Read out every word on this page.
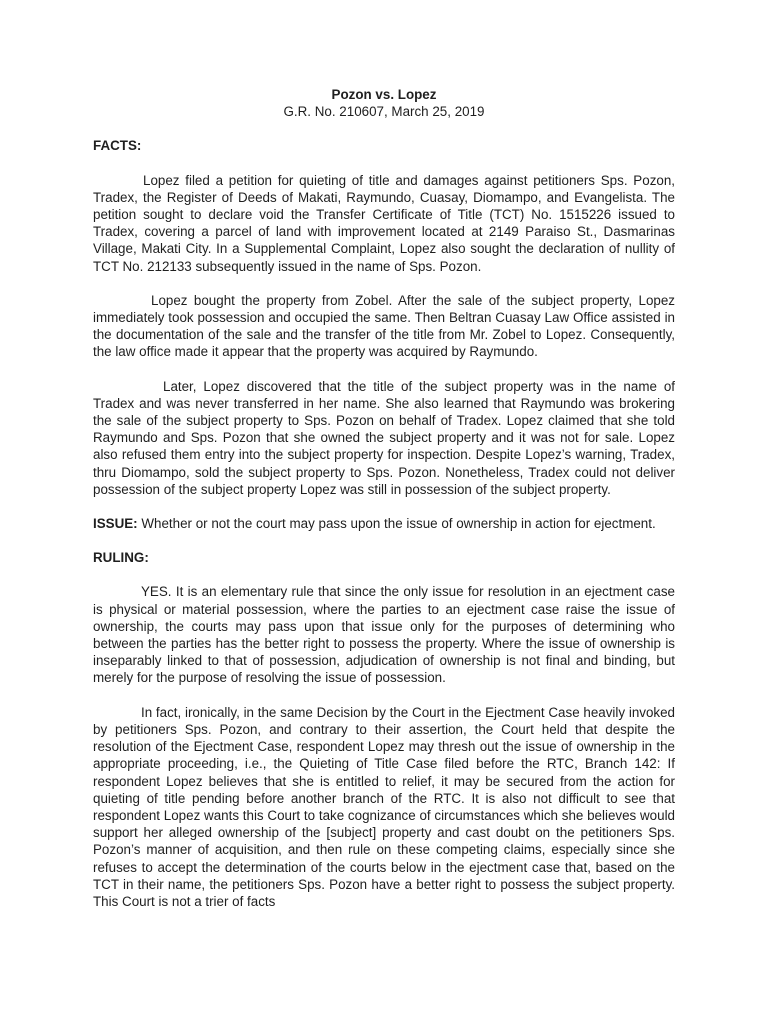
Pozon vs. Lopez

G.R. No. 210607, March 25, 2019

FACTS:

Lopez filed a petition for quieting of title and damages against petitioners Sps. Pozon, Tradex, the Register of Deeds of Makati, Raymundo, Cuasay, Diomampo, and Evangelista. The petition sought to declare void the Transfer Certificate of Title (TCT) No. 1515226 issued to Tradex, covering a parcel of land with improvement located at 2149 Paraiso St., Dasmarinas Village, Makati City. In a Supplemental Complaint, Lopez also sought the declaration of nullity of TCT No. 212133 subsequently issued in the name of Sps. Pozon.

Lopez bought the property from Zobel. After the sale of the subject property, Lopez immediately took possession and occupied the same. Then Beltran Cuasay Law Office assisted in the documentation of the sale and the transfer of the title from Mr. Zobel to Lopez. Consequently, the law office made it appear that the property was acquired by Raymundo.

Later, Lopez discovered that the title of the subject property was in the name of Tradex and was never transferred in her name. She also learned that Raymundo was brokering the sale of the subject property to Sps. Pozon on behalf of Tradex. Lopez claimed that she told Raymundo and Sps. Pozon that she owned the subject property and it was not for sale. Lopez also refused them entry into the subject property for inspection. Despite Lopez’s warning, Tradex, thru Diomampo, sold the subject property to Sps. Pozon. Nonetheless, Tradex could not deliver possession of the subject property Lopez was still in possession of the subject property.

ISSUE: Whether or not the court may pass upon the issue of ownership in action for ejectment.

RULING:

YES. It is an elementary rule that since the only issue for resolution in an ejectment case is physical or material possession, where the parties to an ejectment case raise the issue of ownership, the courts may pass upon that issue only for the purposes of determining who between the parties has the better right to possess the property. Where the issue of ownership is inseparably linked to that of possession, adjudication of ownership is not final and binding, but merely for the purpose of resolving the issue of possession.

In fact, ironically, in the same Decision by the Court in the Ejectment Case heavily invoked by petitioners Sps. Pozon, and contrary to their assertion, the Court held that despite the resolution of the Ejectment Case, respondent Lopez may thresh out the issue of ownership in the appropriate proceeding, i.e., the Quieting of Title Case filed before the RTC, Branch 142: If respondent Lopez believes that she is entitled to relief, it may be secured from the action for quieting of title pending before another branch of the RTC. It is also not difficult to see that respondent Lopez wants this Court to take cognizance of circumstances which she believes would support her alleged ownership of the [subject] property and cast doubt on the petitioners Sps. Pozon’s manner of acquisition, and then rule on these competing claims, especially since she refuses to accept the determination of the courts below in the ejectment case that, based on the TCT in their name, the petitioners Sps. Pozon have a better right to possess the subject property. This Court is not a trier of facts
